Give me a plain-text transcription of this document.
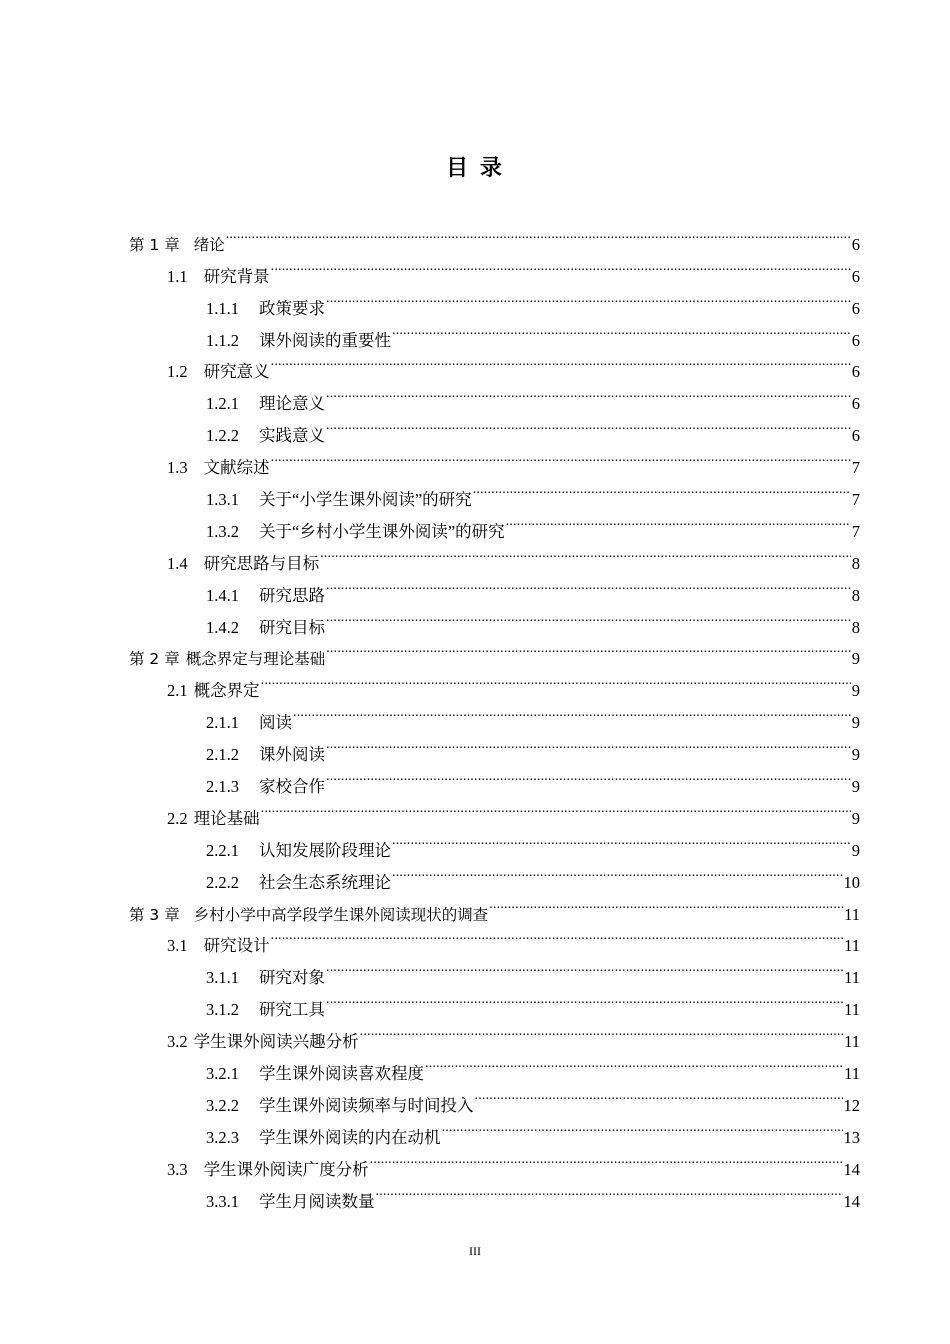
目 录
第 1 章 绪论 .....	6
1.1 研究背景 .....	6
1.1.1 政策要求 .....	6
1.1.2 课外阅读的重要性 .....	6
1.2 研究意义 .....	6
1.2.1 理论意义 .....	6
1.2.2 实践意义 .....	6
1.3 文献综述 .....	7
1.3.1 关于“小学生课外阅读”的研究 .....	7
1.3.2 关于“乡村小学生课外阅读”的研究 .....	7
1.4 研究思路与目标 .....	8
1.4.1 研究思路 .....	8
1.4.2 研究目标 .....	8
第 2 章 概念界定与理论基础 .....	9
2.1 概念界定 .....	9
2.1.1 阅读 .....	9
2.1.2 课外阅读 .....	9
2.1.3 家校合作 .....	9
2.2 理论基础 .....	9
2.2.1 认知发展阶段理论 .....	9
2.2.2 社会生态系统理论 .....	10
第 3 章 乡村小学中高学段学生课外阅读现状的调查 .....	11
3.1 研究设计 .....	11
3.1.1 研究对象 .....	11
3.1.2 研究工具 .....	11
3.2 学生课外阅读兴趣分析 .....	11
3.2.1 学生课外阅读喜欢程度 .....	11
3.2.2 学生课外阅读频率与时间投入 .....	12
3.2.3 学生课外阅读的内在动机 .....	13
3.3 学生课外阅读广度分析 .....	14
3.3.1 学生月阅读数量 .....	14
III
